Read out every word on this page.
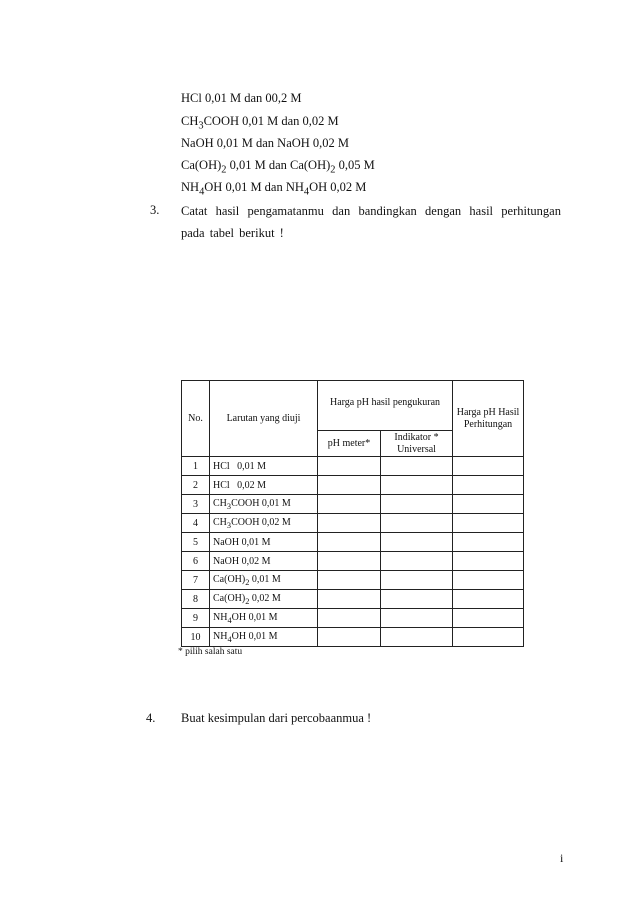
HCl 0,01 M dan 00,2 M
$CH_3COOH$ 0,01 M dan 0,02 M
NaOH 0,01 M dan NaOH 0,02 M
$Ca(OH)_2$ 0,01 M dan $Ca(OH)_2$ 0,05 M
$NH_4OH$ 0,01 M dan $NH_4OH$ 0,02 M
3. Catat hasil pengamatanmu dan bandingkan dengan hasil perhitungan pada tabel berikut !
No.	Larutan yang diuji	Harga pH hasil pengukuran		Harga pH Hasil Perhitungan
		pH meter*	Indikator * Universal	
1	HCl   0,01 M			
2	HCl   0,02 M			
3	$CH_3COOH$ 0,01 M			
4	$CH_3COOH$ 0,02 M			
5	NaOH 0,01 M			
6	NaOH 0,02 M			
7	$Ca(OH)_2$ 0,01 M			
8	$Ca(OH)_2$ 0,02 M			
9	$NH_4OH$ 0,01 M			
10	$NH_4OH$ 0,01 M			
* pilih salah satu
4. Buat kesimpulan dari percobaanmua !
i
